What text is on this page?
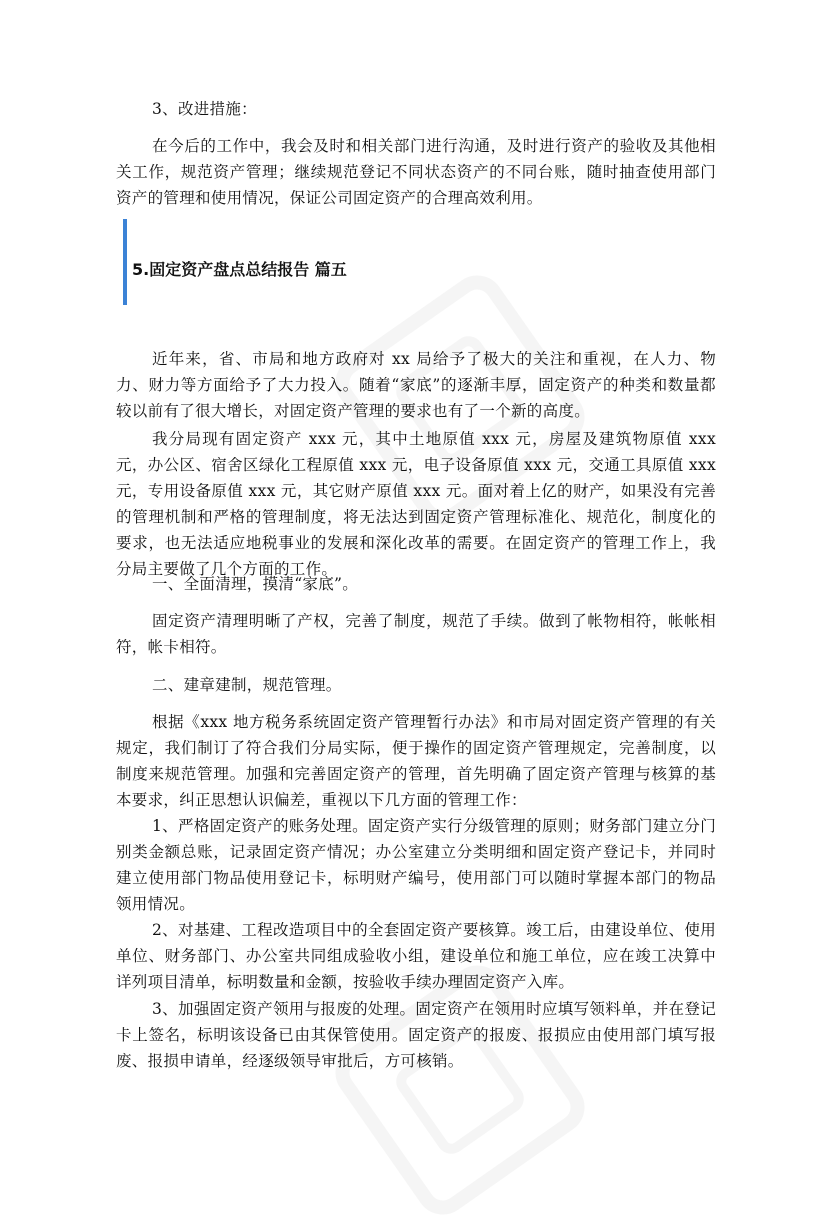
3、改进措施：

在今后的工作中，我会及时和相关部门进行沟通，及时进行资产的验收及其他相关工作，规范资产管理；继续规范登记不同状态资产的不同台账，随时抽查使用部门资产的管理和使用情况，保证公司固定资产的合理高效利用。

5.固定资产盘点总结报告 篇五

近年来，省、市局和地方政府对 xx 局给予了极大的关注和重视，在人力、物力、财力等方面给予了大力投入。随着“家底”的逐渐丰厚，固定资产的种类和数量都较以前有了很大增长，对固定资产管理的要求也有了一个新的高度。

我分局现有固定资产 xxx 元，其中土地原值 xxx 元，房屋及建筑物原值 xxx 元，办公区、宿舍区绿化工程原值 xxx 元，电子设备原值 xxx 元，交通工具原值 xxx 元，专用设备原值 xxx 元，其它财产原值 xxx 元。面对着上亿的财产，如果没有完善的管理机制和严格的管理制度，将无法达到固定资产管理标准化、规范化，制度化的要求，也无法适应地税事业的发展和深化改革的需要。在固定资产的管理工作上，我分局主要做了几个方面的工作。

一、全面清理，摸清“家底”。

固定资产清理明晰了产权，完善了制度，规范了手续。做到了帐物相符，帐帐相符，帐卡相符。

二、建章建制，规范管理。

根据《xxx 地方税务系统固定资产管理暂行办法》和市局对固定资产管理的有关规定，我们制订了符合我们分局实际，便于操作的固定资产管理规定，完善制度，以制度来规范管理。加强和完善固定资产的管理，首先明确了固定资产管理与核算的基本要求，纠正思想认识偏差，重视以下几方面的管理工作：

1、严格固定资产的账务处理。固定资产实行分级管理的原则；财务部门建立分门别类金额总账，记录固定资产情况；办公室建立分类明细和固定资产登记卡，并同时建立使用部门物品使用登记卡，标明财产编号，使用部门可以随时掌握本部门的物品领用情况。

2、对基建、工程改造项目中的全套固定资产要核算。竣工后，由建设单位、使用单位、财务部门、办公室共同组成验收小组，建设单位和施工单位，应在竣工决算中详列项目清单，标明数量和金额，按验收手续办理固定资产入库。

3、加强固定资产领用与报废的处理。固定资产在领用时应填写领料单，并在登记卡上签名，标明该设备已由其保管使用。固定资产的报废、报损应由使用部门填写报废、报损申请单，经逐级领导审批后，方可核销。
